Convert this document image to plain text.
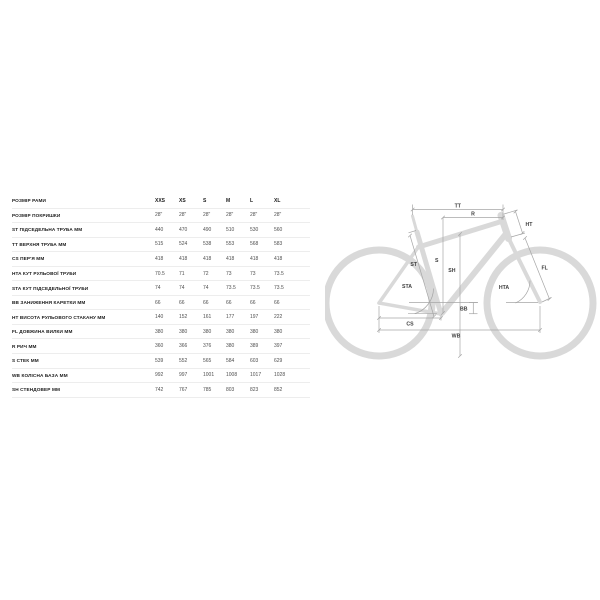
РОЗМІР РАМИ	XXS	XS	S	M	L	XL
РОЗМІР ПОКРИШКИ	28"	28"	28"	28"	28"	28"
ST ПІДСЕДЕЛЬНА ТРУБА ММ	440	470	490	510	530	560
TT ВЕРХНЯ ТРУБА ММ	515	524	538	553	568	583
CS ПЕР'Я ММ	418	418	418	418	418	418
HTA КУТ РУЛЬОВОЇ ТРУБИ	70.5	71	72	73	73	73.5
STA КУТ ПІДСЕДЕЛЬНОЇ ТРУБИ	74	74	74	73.5	73.5	73.5
BB ЗАНИЖЕННЯ КАРЕТКИ ММ	66	66	66	66	66	66
HT ВИСОТА РУЛЬОВОГО СТАКАНУ ММ	140	152	161	177	197	222
FL ДОВЖИНА ВИЛКИ ММ	380	380	380	380	380	380
R РИЧ ММ	360	366	376	380	389	397
S СТЕК ММ	539	552	565	584	603	629
WB КОЛІСНА БАЗА ММ	992	997	1001	1008	1017	1028
SH СТЕНДОВЕР ММ	742	767	785	803	823	852
TT
R
HT
S
SH
ST
FL
STA	HTA
BB
CS
WB
